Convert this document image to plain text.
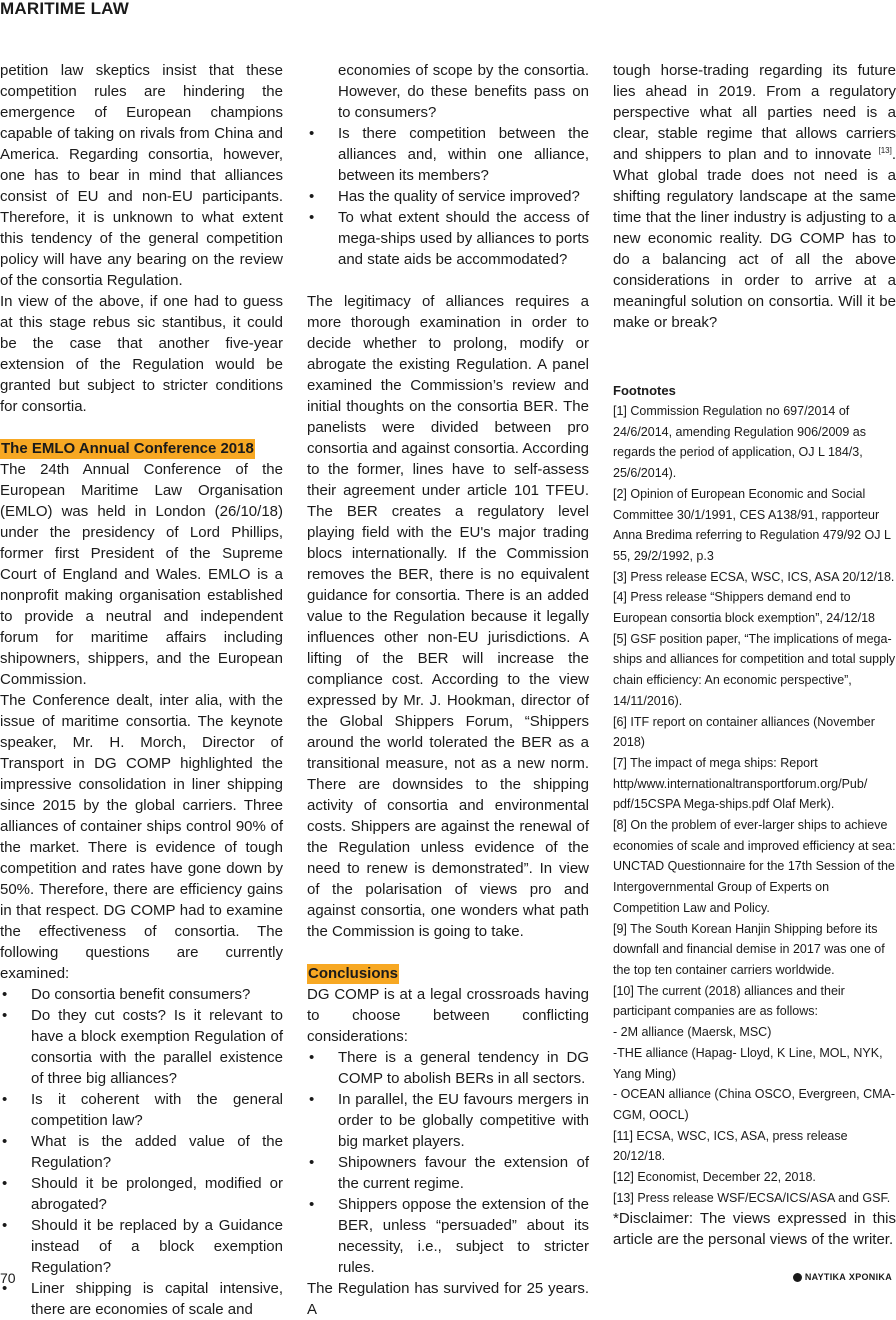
MARITIME LAW

petition law skeptics insist that these competition rules are hindering the emergence of European champions capable of taking on rivals from China and America. Regarding consortia, however, one has to bear in mind that alliances consist of EU and non-EU participants. Therefore, it is unknown to what extent this tendency of the general competition policy will have any bearing on the review of the consortia Regulation.

In view of the above, if one had to guess at this stage rebus sic stantibus, it could be the case that another five-year extension of the Regulation would be granted but subject to stricter conditions for consortia.

The EMLO Annual Conference 2018

The 24th Annual Conference of the European Maritime Law Organisation (EMLO) was held in London (26/10/18) under the presidency of Lord Phillips, former first President of the Supreme Court of England and Wales. EMLO is a nonprofit making organisation established to provide a neutral and independent forum for maritime affairs including shipowners, shippers, and the European Commission.

The Conference dealt, inter alia, with the issue of maritime consortia. The keynote speaker, Mr. H. Morch, Director of Transport in DG COMP highlighted the impressive consolidation in liner shipping since 2015 by the global carriers. Three alliances of container ships control 90% of the market. There is evidence of tough competition and rates have gone down by 50%. Therefore, there are efficiency gains in that respect. DG COMP had to examine the effectiveness of consortia. The following questions are currently examined:

• Do consortia benefit consumers?
• Do they cut costs? Is it relevant to have a block exemption Regulation of consortia with the parallel existence of three big alliances?
• Is it coherent with the general competition law?
• What is the added value of the Regulation?
• Should it be prolonged, modified or abrogated?
• Should it be replaced by a Guidance instead of a block exemption Regulation?
• Liner shipping is capital intensive, there are economies of scale and
economies of scope by the consortia. However, do these benefits pass on to consumers?
• Is there competition between the alliances and, within one alliance, between its members?
• Has the quality of service improved?
• To what extent should the access of mega-ships used by alliances to ports and state aids be accommodated?

The legitimacy of alliances requires a more thorough examination in order to decide whether to prolong, modify or abrogate the existing Regulation. A panel examined the Commission’s review and initial thoughts on the consortia BER. The panelists were divided between pro consortia and against consortia. According to the former, lines have to self-assess their agreement under article 101 TFEU. The BER creates a regulatory level playing field with the EU's major trading blocs internationally. If the Commission removes the BER, there is no equivalent guidance for consortia. There is an added value to the Regulation because it legally influences other non-EU jurisdictions. A lifting of the BER will increase the compliance cost. According to the view expressed by Mr. J. Hookman, director of the Global Shippers Forum, “Shippers around the world tolerated the BER as a transitional measure, not as a new norm. There are downsides to the shipping activity of consortia and environmental costs. Shippers are against the renewal of the Regulation unless evidence of the need to renew is demonstrated”. In view of the polarisation of views pro and against consortia, one wonders what path the Commission is going to take.

Conclusions

DG COMP is at a legal crossroads having to choose between conflicting considerations:

• There is a general tendency in DG COMP to abolish BERs in all sectors.
• In parallel, the EU favours mergers in order to be globally competitive with big market players.
• Shipowners favour the extension of the current regime.
• Shippers oppose the extension of the BER, unless “persuaded” about its necessity, i.e., subject to stricter rules.

The Regulation has survived for 25 years. A

tough horse-trading regarding its future lies ahead in 2019. From a regulatory perspective what all parties need is a clear, stable regime that allows carriers and shippers to plan and to innovate [13]. What global trade does not need is a shifting regulatory landscape at the same time that the liner industry is adjusting to a new economic reality. DG COMP has to do a balancing act of all the above considerations in order to arrive at a meaningful solution on consortia. Will it be make or break?

Footnotes

[1] Commission Regulation no 697/2014 of 24/6/2014, amending Regulation 906/2009 as regards the period of application, OJ L 184/3, 25/6/2014).

[2] Opinion of European Economic and Social Committee 30/1/1991, CES A138/91, rapporteur Anna Bredima referring to Regulation 479/92 OJ L 55, 29/2/1992, p.3

[3] Press release ECSA, WSC, ICS, ASA 20/12/18.

[4] Press release “Shippers demand end to European consortia block exemption”, 24/12/18

[5] GSF position paper, “The implications of mega-ships and alliances for competition and total supply chain efficiency: An economic perspective”, 14/11/2016).

[6] ITF report on container alliances (November 2018)

[7] The impact of mega ships: Report http/www.internationaltransportforum.org/Pub/ pdf/15CSPA Mega-ships.pdf Olaf Merk).

[8] On the problem of ever-larger ships to achieve economies of scale and improved efficiency at sea: UNCTAD Questionnaire for the 17th Session of the Intergovernmental Group of Experts on Competition Law and Policy.

[9] The South Korean Hanjin Shipping before its downfall and financial demise in 2017 was one of the top ten container carriers worldwide.

[10] The current (2018) alliances and their participant companies are as follows:

- 2M alliance (Maersk, MSC)

-THE alliance (Hapag- Lloyd, K Line, MOL, NYK, Yang Ming)

- OCEAN alliance (China OSCO, Evergreen, CMA-CGM, OOCL)

[11] ECSA, WSC, ICS, ASA, press release 20/12/18.

[12] Economist, December 22, 2018.

[13] Press release WSF/ECSA/ICS/ASA and GSF.

*Disclaimer: The views expressed in this article are the personal views of the writer.

70	ΝΑΥΤΙΚΑ ΧΡΟΝΙΚΑ
